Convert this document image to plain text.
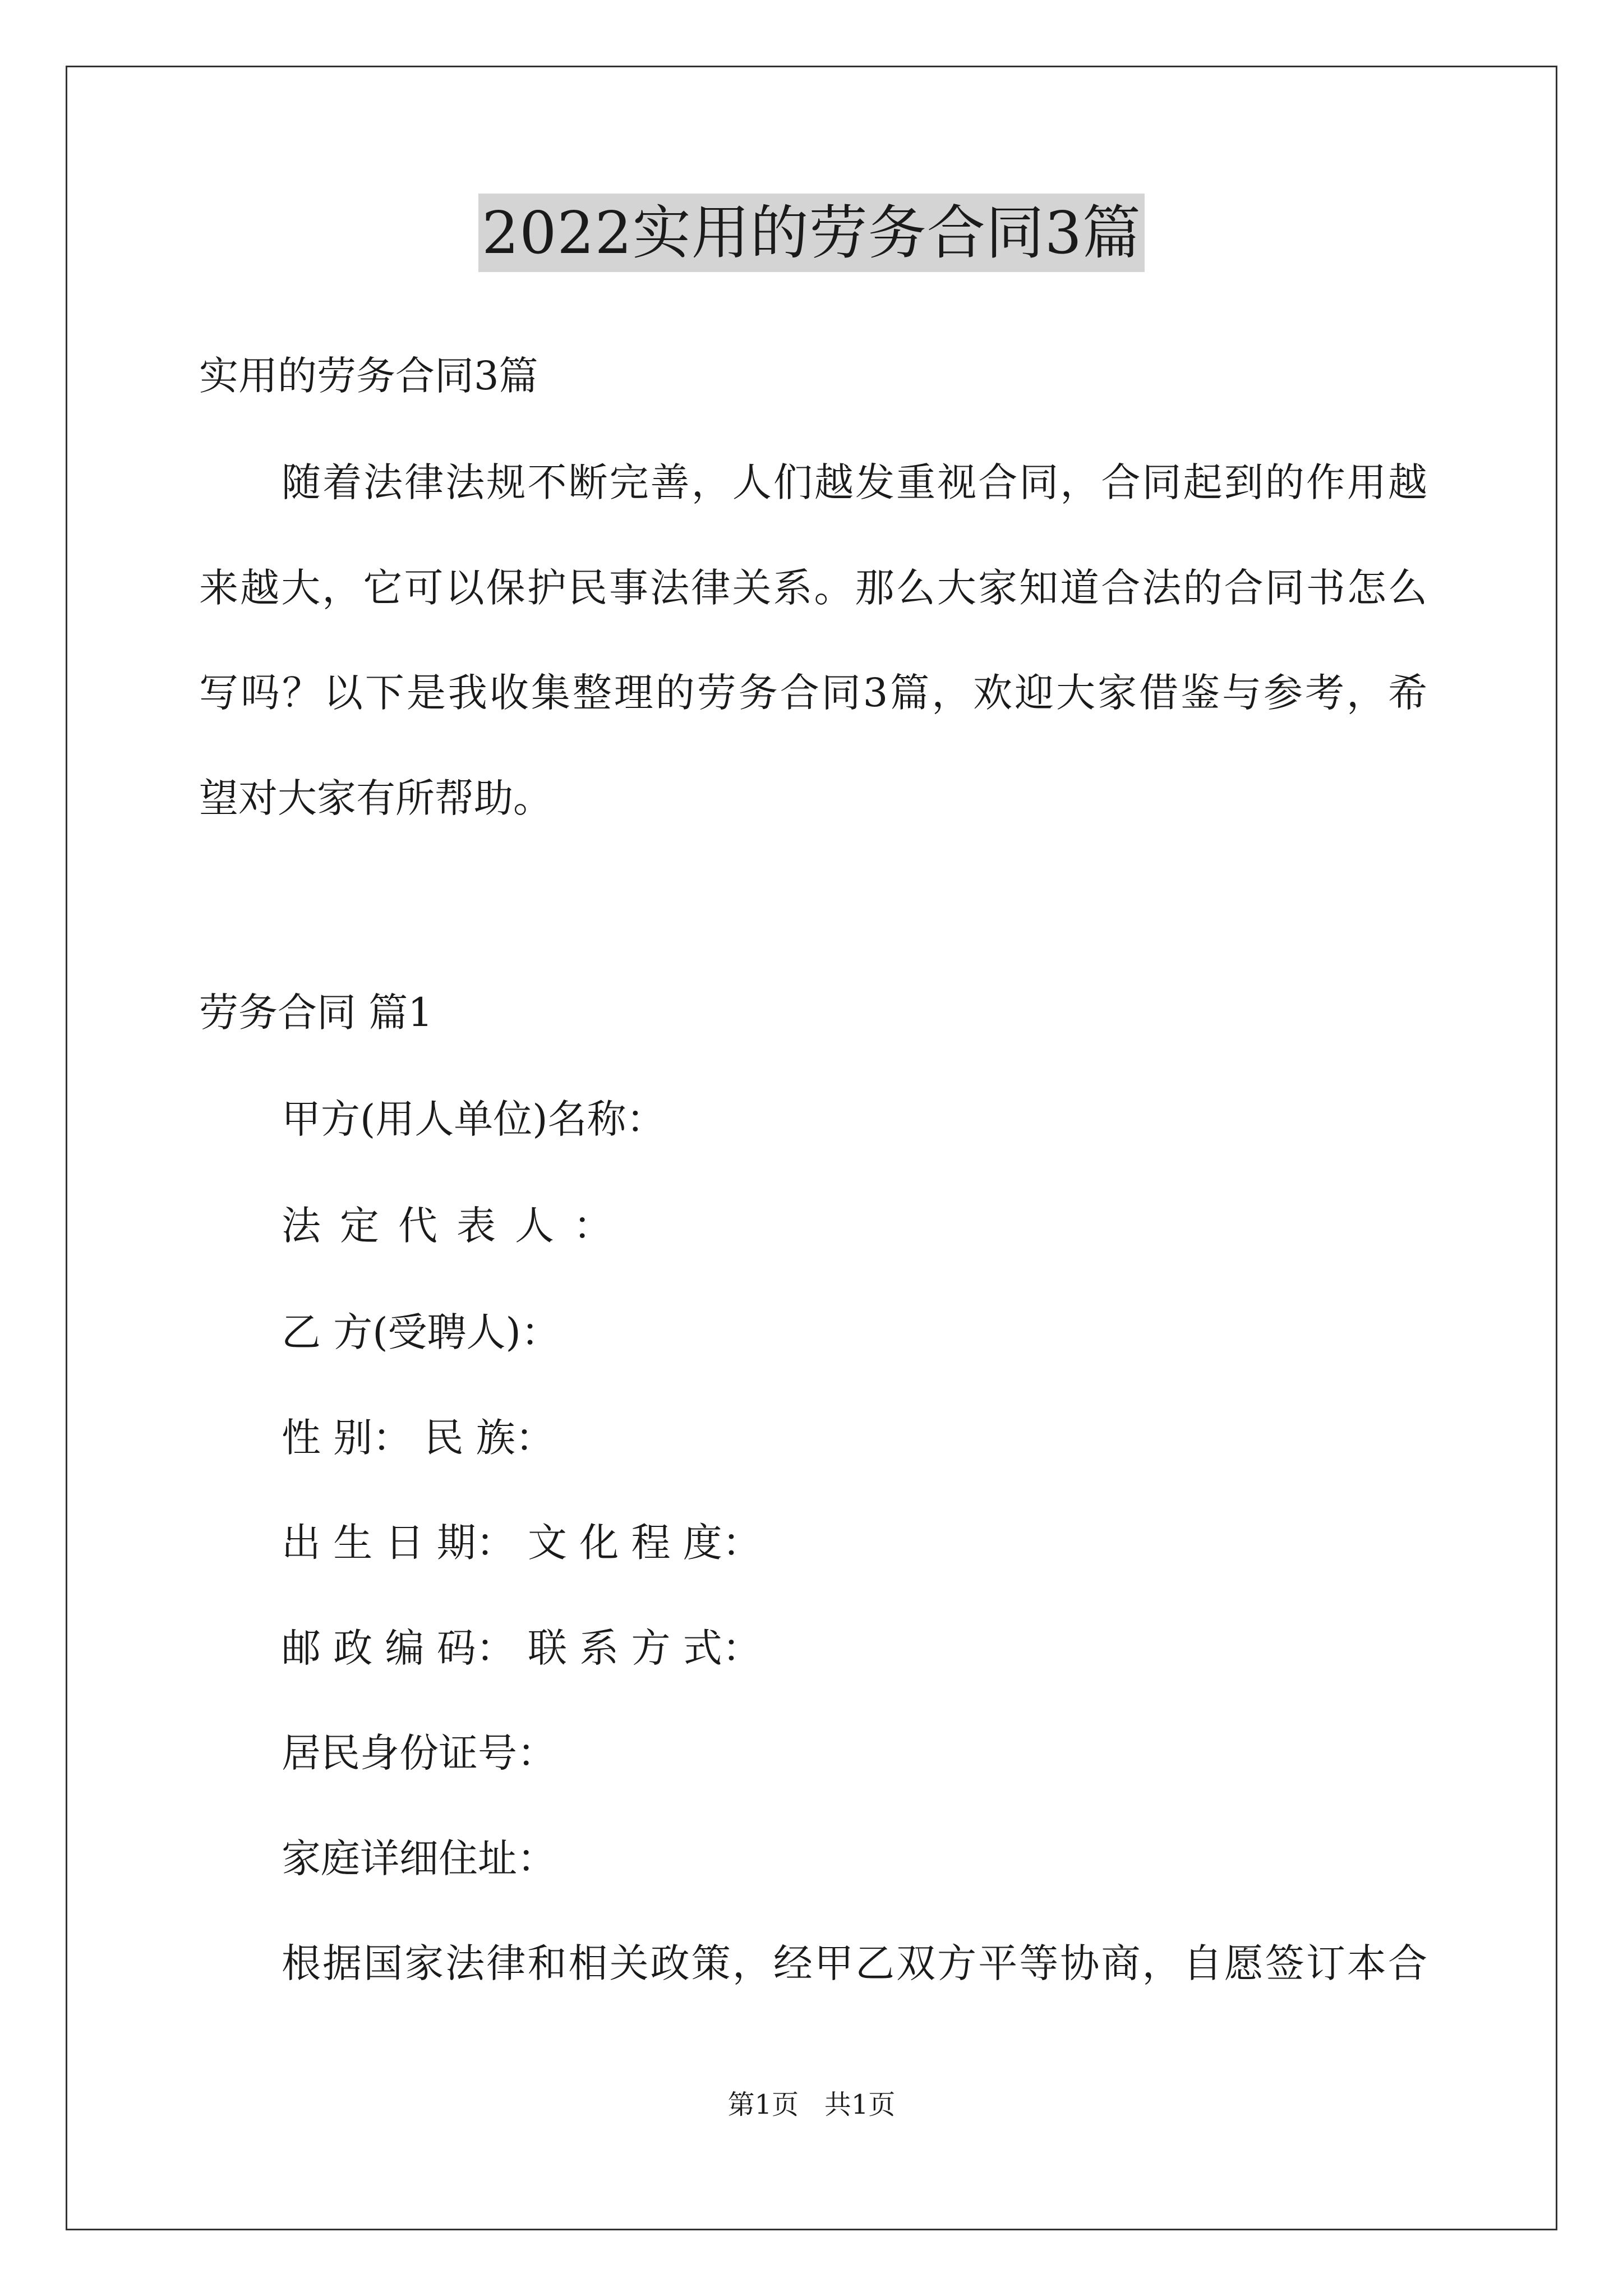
2022实用的劳务合同3篇

实用的劳务合同3篇

随着法律法规不断完善，人们越发重视合同，合同起到的作用越

来越大，它可以保护民事法律关系。那么大家知道合法的合同书怎么

写吗？以下是我收集整理的劳务合同3篇，欢迎大家借鉴与参考，希

望对大家有所帮助。

劳务合同 篇1

甲方(用人单位)名称：

法定代表人：

乙 方(受聘人)：

性 别： 民 族：

出 生 日 期： 文 化 程 度：

邮 政 编 码： 联 系 方 式：

居民身份证号：

家庭详细住址：

根据国家法律和相关政策，经甲乙双方平等协商，自愿签订本合

第1页   共1页
